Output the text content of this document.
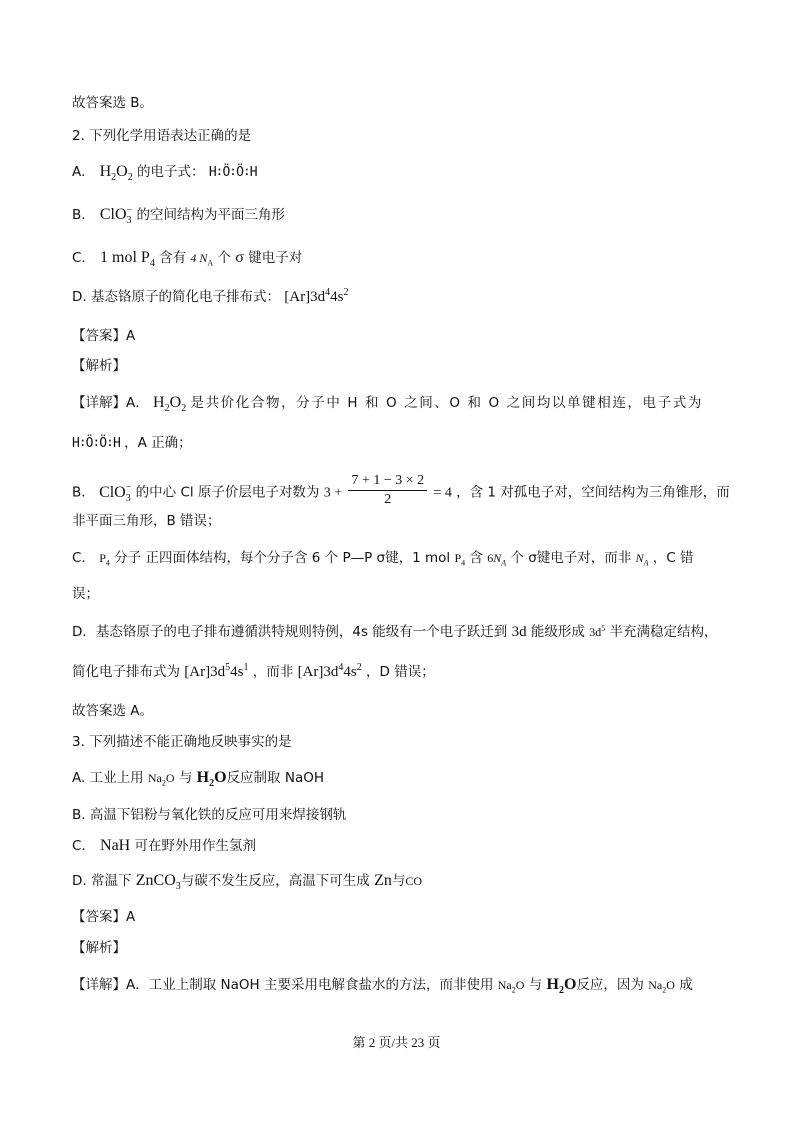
故答案选 B。
2. 下列化学用语表达正确的是
A. $H_2O_2$ 的电子式： H∶Ö∶Ö∶H
B. ClO$_3$− 的空间结构为平面三角形
C. 1 mol $P_4$ 含有 4 $N_A$ 个 σ 键电子对
D. 基态铬原子的简化电子排布式： $[Ar]3d^44s^2$
【答案】A
【解析】
【详解】A． $H_2O_2$ 是共价化合物，分子中 H 和 O 之间、O 和 O 之间均以单键相连，电子式为
H∶Ö∶Ö∶H ，A 正确；
B． ClO$_3$− 的中心 Cl 原子价层电子对数为 $3 + \frac{7 + 1 - 3 \times 2}{2} = 4$ ，含 1 对孤电子对，空间结构为三角锥形，而
非平面三角形，B 错误；
C． $P_4$ 分子 正四面体结构，每个分子含 6 个 P—P σ键，1 mol $P_4$ 含 $6N_A$ 个 σ键电子对，而非 $N_A$ ，C 错
误；
D．基态铬原子的电子排布遵循洪特规则特例，4s 能级有一个电子跃迁到 3d 能级形成 $3d^5$ 半充满稳定结构，
简化电子排布式为 $[Ar]3d^54s^1$ ，而非 $[Ar]3d^44s^2$ ，D 错误；
故答案选 A。
3. 下列描述不能正确地反映事实的是
A. 工业上用 $Na_2O$ 与 $H_2O$反应制取 NaOH
B. 高温下铝粉与氧化铁的反应可用来焊接钢轨
C. NaH 可在野外用作生氢剂
D. 常温下 ZnCO$_3$与碳不发生反应，高温下可生成 Zn与CO
【答案】A
【解析】
【详解】A．工业上制取 NaOH 主要采用电解食盐水的方法，而非使用 $Na_2O$ 与 $H_2O$反应，因为 $Na_2O$ 成
第 2 页/共 23 页
